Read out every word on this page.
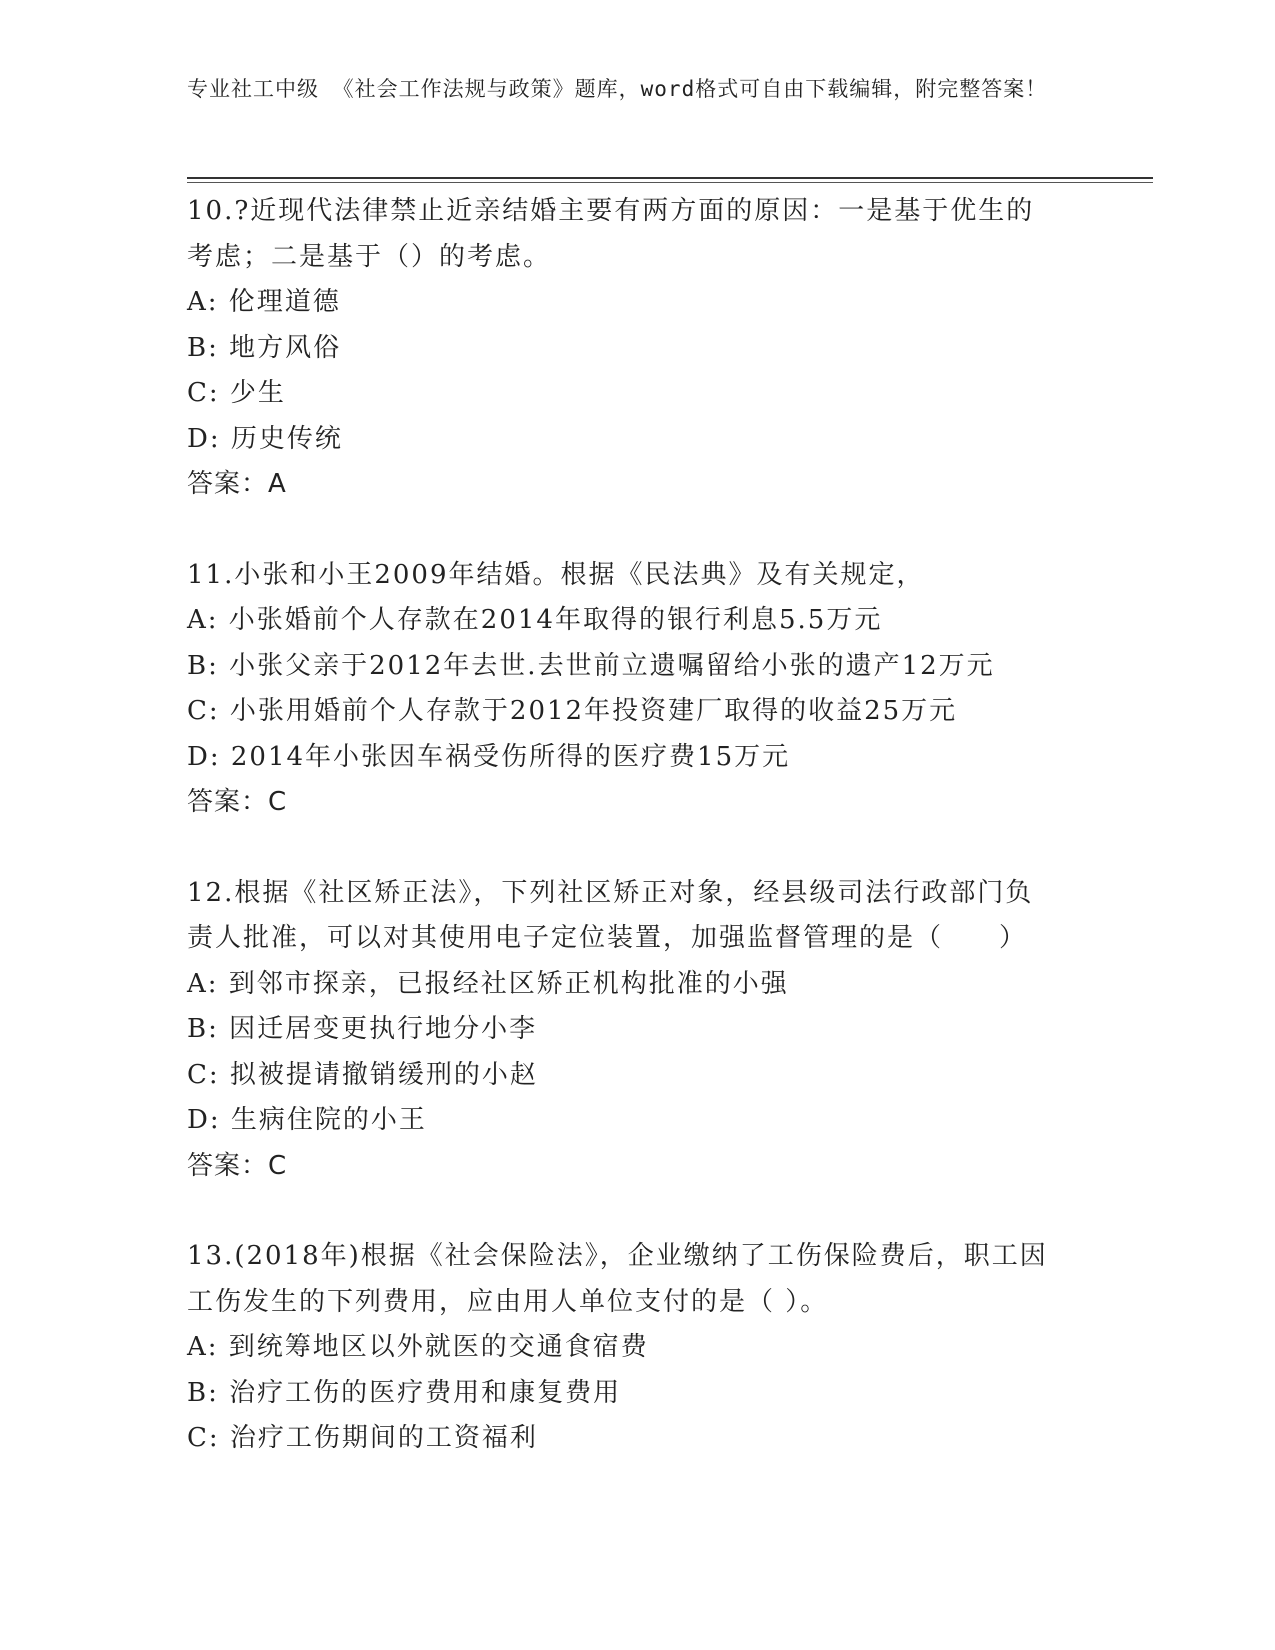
专业社工中级 《社会工作法规与政策》题库，word格式可自由下载编辑，附完整答案！
10.?近现代法律禁止近亲结婚主要有两方面的原因：一是基于优生的
考虑；二是基于（）的考虑。
A: 伦理道德
B: 地方风俗
C: 少生
D: 历史传统
答案：A
11.小张和小王2009年结婚。根据《民法典》及有关规定，
A: 小张婚前个人存款在2014年取得的银行利息5.5万元
B: 小张父亲于2012年去世.去世前立遗嘱留给小张的遗产12万元
C: 小张用婚前个人存款于2012年投资建厂取得的收益25万元
D: 2014年小张因车祸受伤所得的医疗费15万元
答案：C
12.根据《社区矫正法》，下列社区矫正对象，经县级司法行政部门负
责人批准，可以对其使用电子定位装置，加强监督管理的是（　　）
A: 到邻市探亲，已报经社区矫正机构批准的小强
B: 因迁居变更执行地分小李
C: 拟被提请撤销缓刑的小赵
D: 生病住院的小王
答案：C
13.(2018年)根据《社会保险法》，企业缴纳了工伤保险费后，职工因
工伤发生的下列费用，应由用人单位支付的是（ ）。
A: 到统筹地区以外就医的交通食宿费
B: 治疗工伤的医疗费用和康复费用
C: 治疗工伤期间的工资福利
